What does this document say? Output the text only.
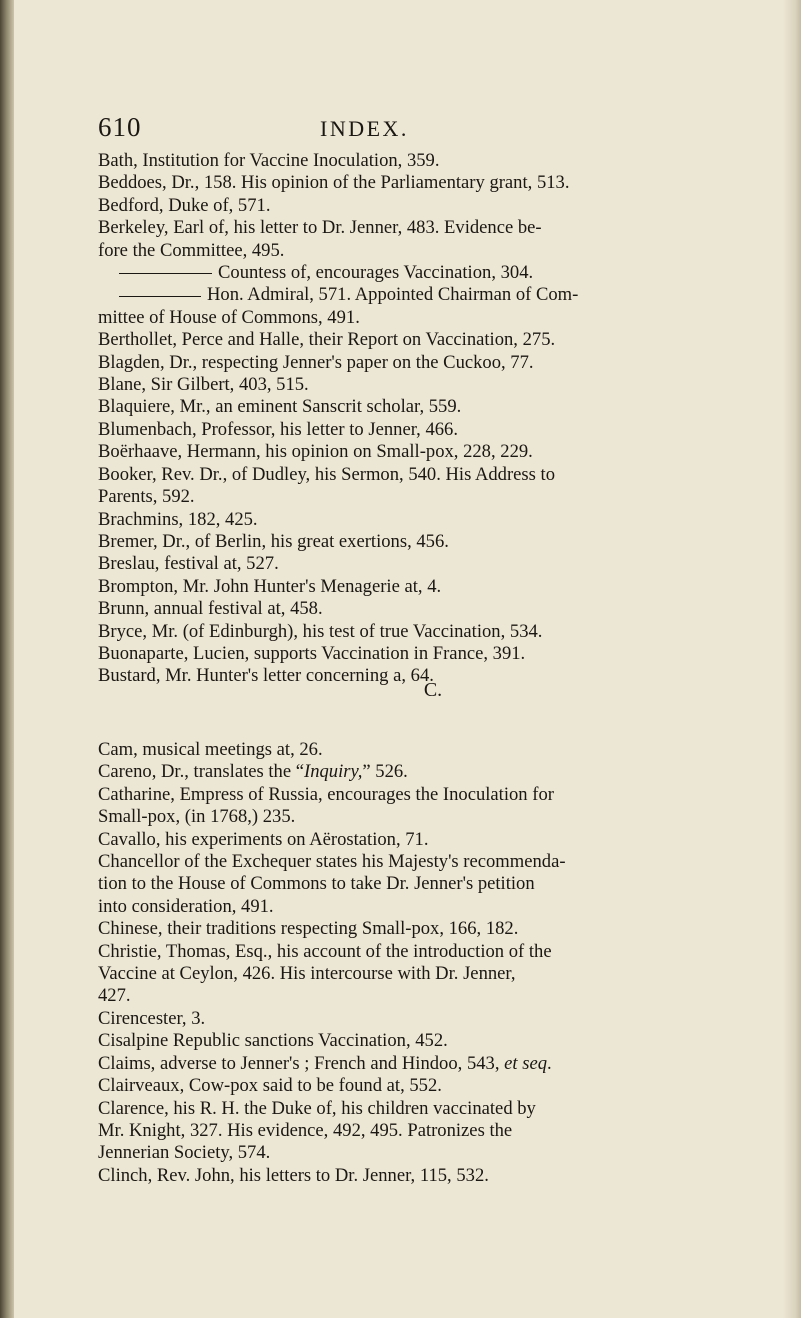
610	INDEX.
Bath, Institution for Vaccine Inoculation, 359.
Beddoes, Dr., 158. His opinion of the Parliamentary grant, 513.
Bedford, Duke of, 571.
Berkeley, Earl of, his letter to Dr. Jenner, 483. Evidence be-
fore the Committee, 495.
Countess of, encourages Vaccination, 304.
Hon. Admiral, 571. Appointed Chairman of Com-
mittee of House of Commons, 491.
Berthollet, Perce and Halle, their Report on Vaccination, 275.
Blagden, Dr., respecting Jenner's paper on the Cuckoo, 77.
Blane, Sir Gilbert, 403, 515.
Blaquiere, Mr., an eminent Sanscrit scholar, 559.
Blumenbach, Professor, his letter to Jenner, 466.
Boërhaave, Hermann, his opinion on Small-pox, 228, 229.
Booker, Rev. Dr., of Dudley, his Sermon, 540. His Address to
Parents, 592.
Brachmins, 182, 425.
Bremer, Dr., of Berlin, his great exertions, 456.
Breslau, festival at, 527.
Brompton, Mr. John Hunter's Menagerie at, 4.
Brunn, annual festival at, 458.
Bryce, Mr. (of Edinburgh), his test of true Vaccination, 534.
Buonaparte, Lucien, supports Vaccination in France, 391.
Bustard, Mr. Hunter's letter concerning a, 64.
C.
Cam, musical meetings at, 26.
Careno, Dr., translates the “Inquiry,” 526.
Catharine, Empress of Russia, encourages the Inoculation for
Small-pox, (in 1768,) 235.
Cavallo, his experiments on Aërostation, 71.
Chancellor of the Exchequer states his Majesty's recommenda-
tion to the House of Commons to take Dr. Jenner's petition
into consideration, 491.
Chinese, their traditions respecting Small-pox, 166, 182.
Christie, Thomas, Esq., his account of the introduction of the
Vaccine at Ceylon, 426. His intercourse with Dr. Jenner,
427.
Cirencester, 3.
Cisalpine Republic sanctions Vaccination, 452.
Claims, adverse to Jenner's ; French and Hindoo, 543, et seq.
Clairveaux, Cow-pox said to be found at, 552.
Clarence, his R. H. the Duke of, his children vaccinated by
Mr. Knight, 327. His evidence, 492, 495. Patronizes the
Jennerian Society, 574.
Clinch, Rev. John, his letters to Dr. Jenner, 115, 532.
